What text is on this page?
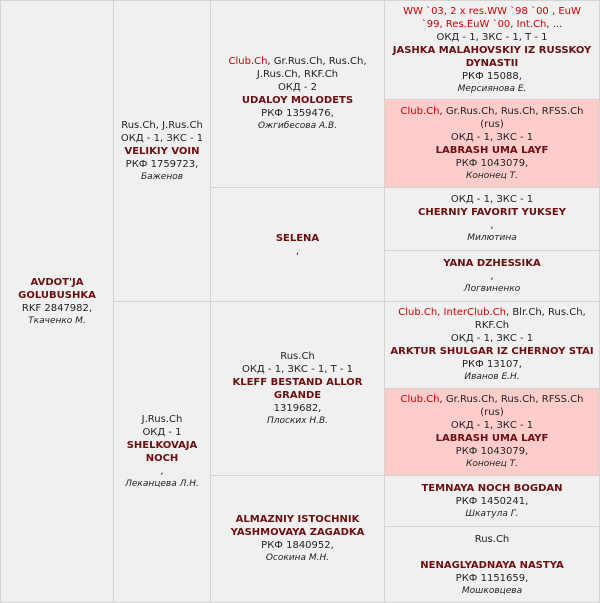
AVDOT'JA
GOLUBUSHKA
RKF 2847982,
Ткаченко М.
Rus.Ch, J.Rus.Ch
ОКД - 1, ЗКС - 1
VELIKIY VOIN
РКФ 1759723,
Баженов
J.Rus.Ch
ОКД - 1
SHELKOVAJA
NOCH
,
Леканцева Л.Н.
Club.Ch, Gr.Rus.Ch, Rus.Ch,
J.Rus.Ch, RKF.Ch
ОКД - 2
UDALOY MOLODETS
РКФ 1359476,
Ожгибесова А.В.
SELENA
,
Rus.Ch
ОКД - 1, ЗКС - 1, Т - 1
KLEFF BESTAND ALLOR
GRANDE
1319682,
Плоских Н.В.
ALMAZNIY ISTOCHNIK
YASHMOVAYA ZAGADKA
РКФ 1840952,
Осокина М.Н.
WW `03, 2 x res.WW `98 `00 , EuW
`99, Res.EuW `00, Int.Ch, ...
ОКД - 1, ЗКС - 1, Т - 1
JASHKA MALAHOVSKIY IZ RUSSKOY
DYNASTII
РКФ 15088,
Мерсиянова Е.
Club.Ch, Gr.Rus.Ch, Rus.Ch, RFSS.Ch
(rus)
ОКД - 1, ЗКС - 1
LABRASH UMA LAYF
РКФ 1043079,
Кононец Т.
ОКД - 1, ЗКС - 1
CHERNIY FAVORIT YUKSEY
,
Милютина
YANA DZHESSIKA
,
Логвиненко
Club.Ch, InterClub.Ch, Blr.Ch, Rus.Ch,
RKF.Ch
ОКД - 1, ЗКС - 1
ARKTUR SHULGAR IZ CHERNOY STAI
РКФ 13107,
Иванов Е.Н.
Club.Ch, Gr.Rus.Ch, Rus.Ch, RFSS.Ch
(rus)
ОКД - 1, ЗКС - 1
LABRASH UMA LAYF
РКФ 1043079,
Кононец Т.
TEMNAYA NOCH BOGDAN
РКФ 1450241,
Шкатула Г.
Rus.Ch
NENAGLYADNAYA NASTYA
РКФ 1151659,
Мошковцева
